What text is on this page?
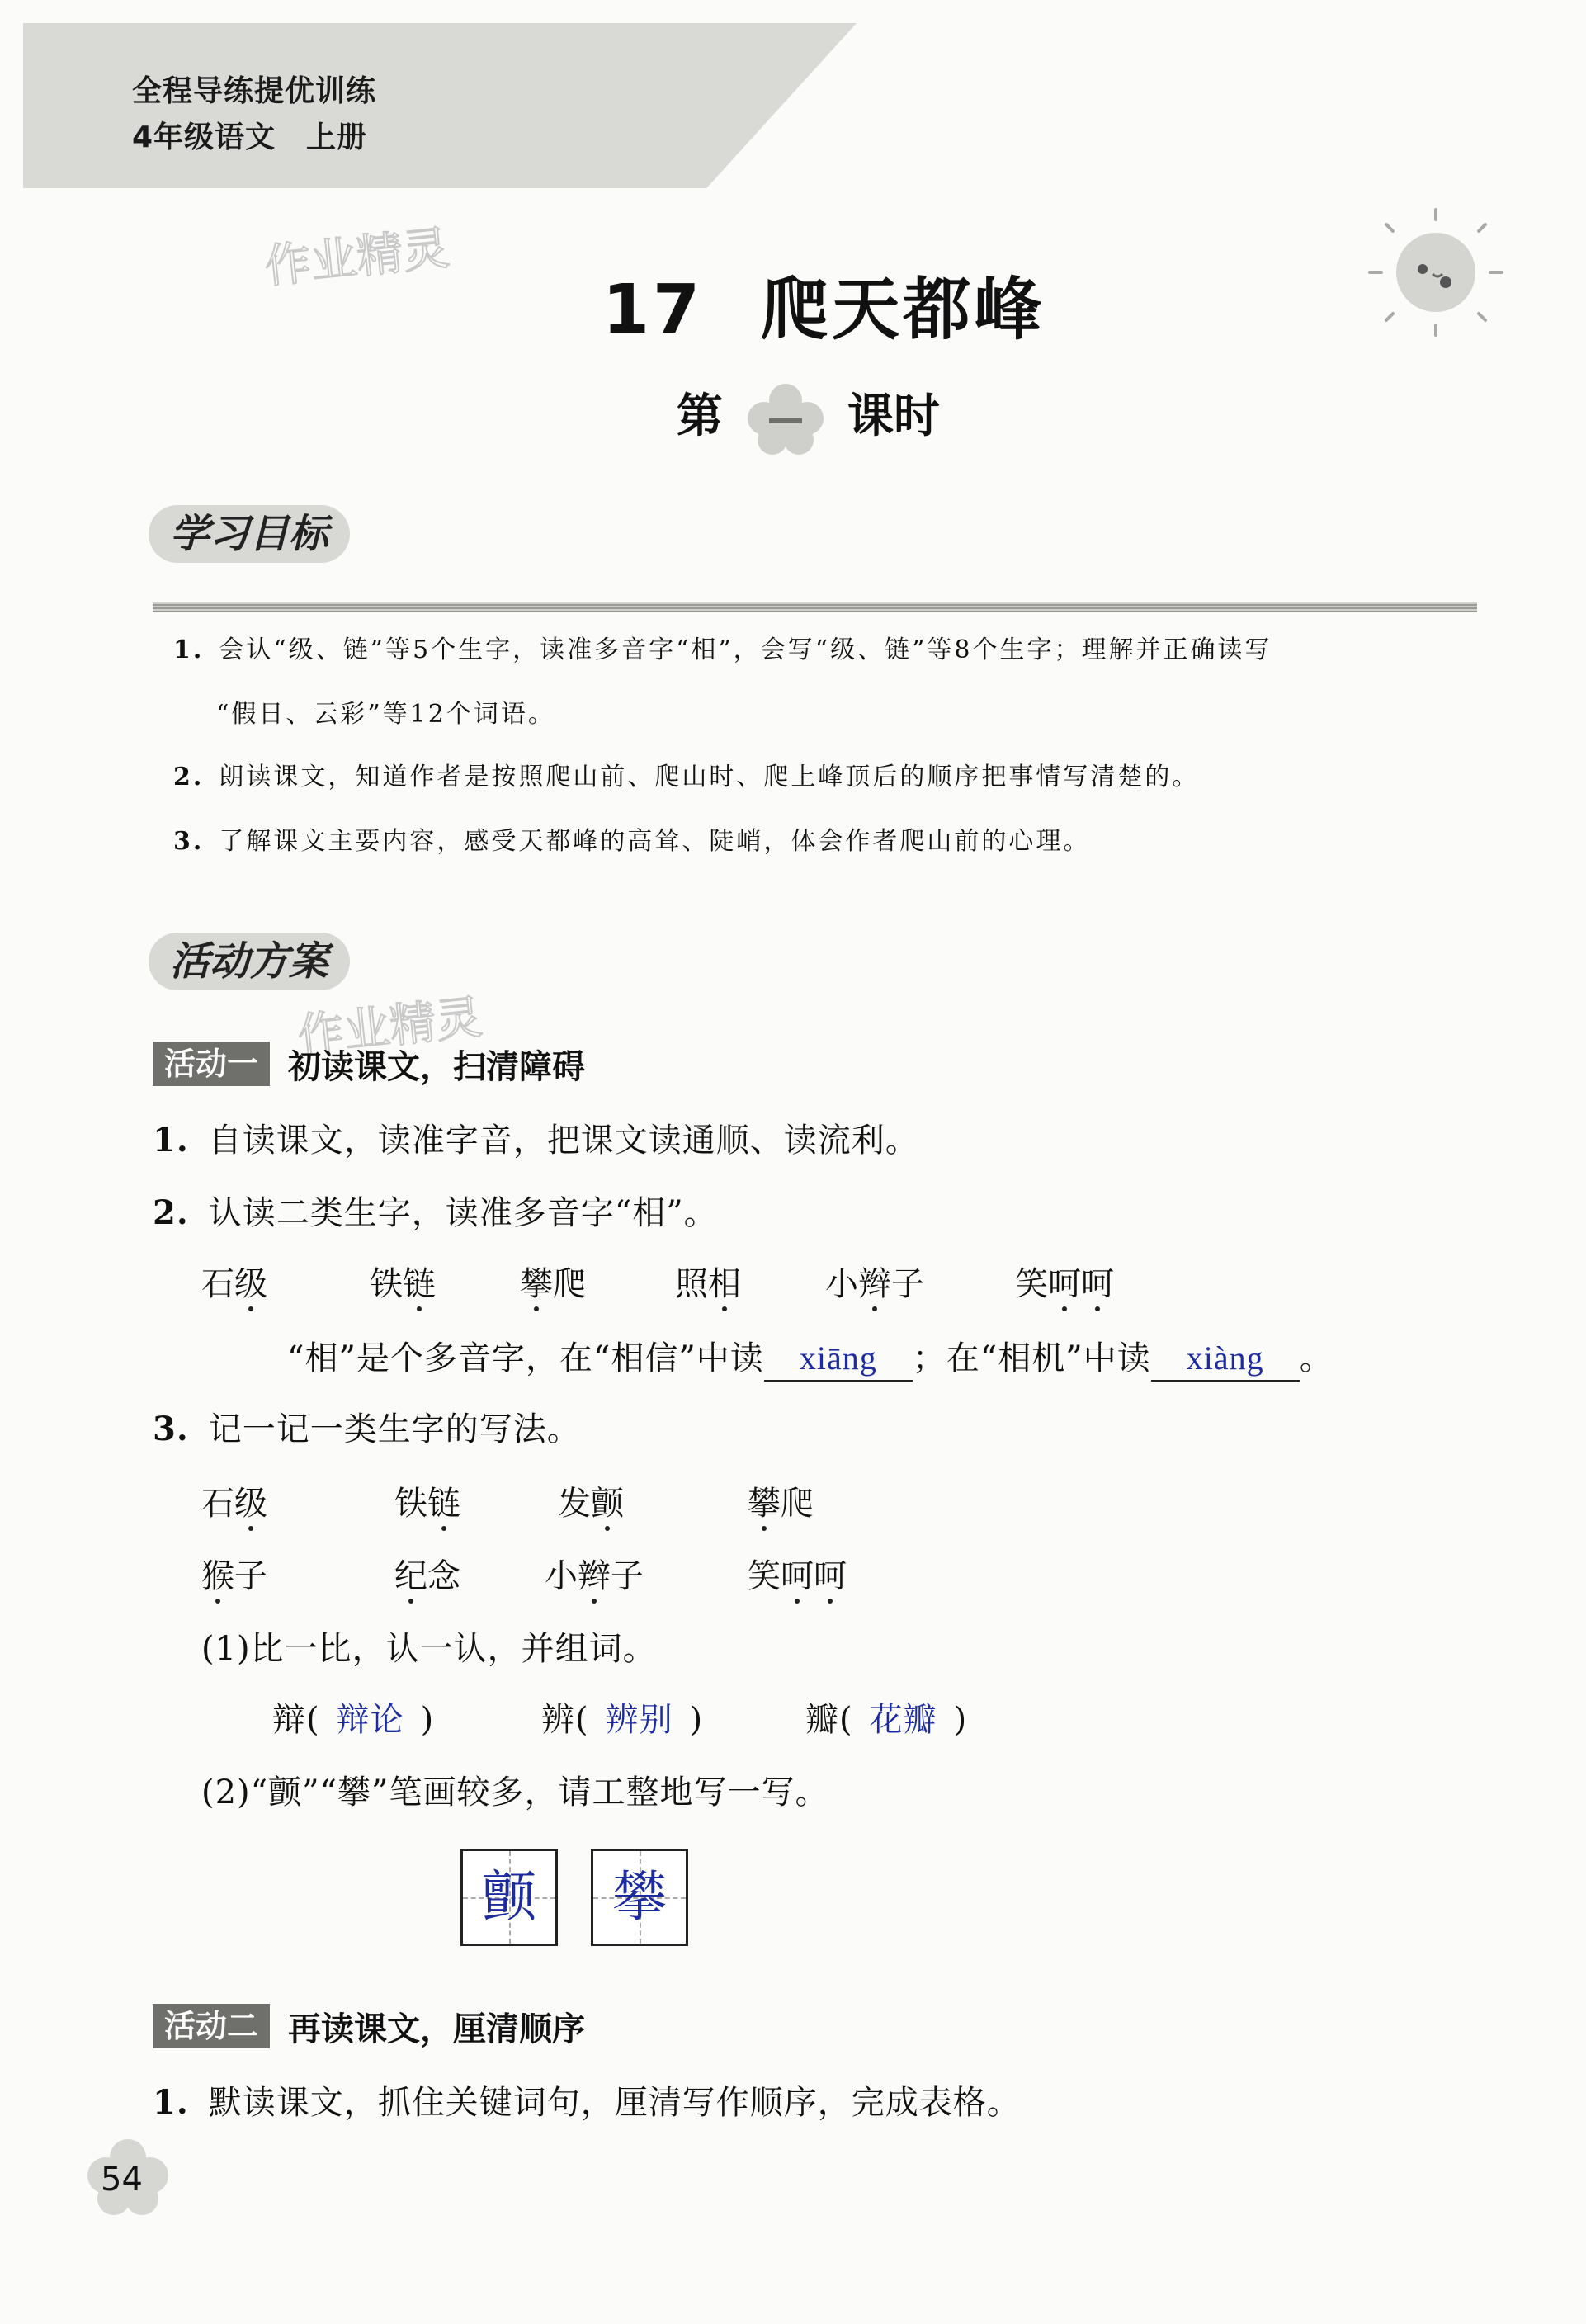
全程导练提优训练
4年级语文　上册
作业精灵
作业精灵
17 爬天都峰
第	课时
学习目标
1. 会认“级、链”等5个生字，读准多音字“相”，会写“级、链”等8个生字；理解并正确读写
“假日、云彩”等12个词语。
2. 朗读课文，知道作者是按照爬山前、爬山时、爬上峰顶后的顺序把事情写清楚的。
3. 了解课文主要内容，感受天都峰的高耸、陡峭，体会作者爬山前的心理。
活动方案
活动一 初读课文，扫清障碍
1. 自读课文，读准字音，把课文读通顺、读流利。
2. 认读二类生字，读准多音字“相”。
石级	铁链	攀爬	照相	小辫子	笑呵呵
“相”是个多音字，在“相信”中读 xiāng ；在“相机”中读 xiàng 。
3. 记一记一类生字的写法。
石级	铁链	发颤	攀爬
猴子	纪念	小辫子	笑呵呵
(1)比一比，认一认，并组词。
辩( 辩论 )	辨( 辨别 )	瓣( 花瓣 )
(2)“颤”“攀”笔画较多，请工整地写一写。
颤	攀
活动二 再读课文，厘清顺序
1. 默读课文，抓住关键词句，厘清写作顺序，完成表格。
54
